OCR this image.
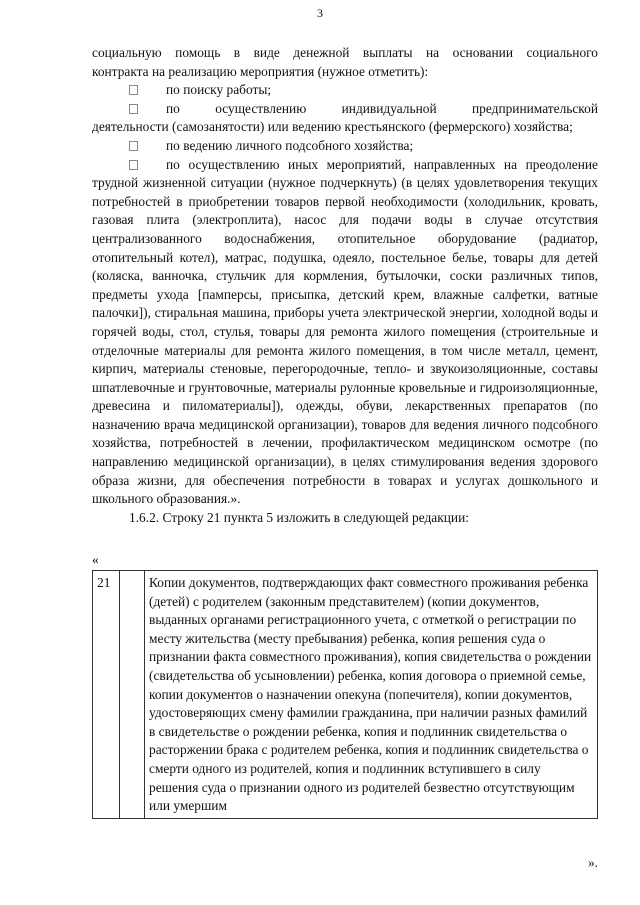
3

социальную помощь в виде денежной выплаты на основании социального

контракта на реализацию мероприятия (нужное отметить):

по поиску работы;

по осуществлению индивидуальной предпринимательской

деятельности (самозанятости) или ведению крестьянского (фермерского) хозяйства;

по ведению личного подсобного хозяйства;

по осуществлению иных мероприятий, направленных на преодоление трудной жизненной ситуации (нужное подчеркнуть) (в целях удовлетворения текущих потребностей в приобретении товаров первой необходимости (холодильник, кровать, газовая плита (электроплита), насос для подачи воды в случае отсутствия централизованного водоснабжения, отопительное оборудование (радиатор, отопительный котел), матрас, подушка, одеяло, постельное белье, товары для детей (коляска, ванночка, стульчик для кормления, бутылочки, соски различных типов, предметы ухода [памперсы, присыпка, детский крем, влажные салфетки, ватные палочки]), стиральная машина, приборы учета электрической энергии, холодной воды и горячей воды, стол, стулья, товары для ремонта жилого помещения (строительные и отделочные материалы для ремонта жилого помещения, в том числе металл, цемент, кирпич, материалы стеновые, перегородочные, тепло- и звукоизоляционные, составы шпатлевочные и грунтовочные, материалы рулонные кровельные и гидроизоляционные, древесина и пиломатериалы]), одежды, обуви, лекарственных препаратов (по назначению врача медицинской организации), товаров для ведения личного подсобного хозяйства, потребностей в лечении, профилактическом медицинском осмотре (по направлению медицинской организации), в целях стимулирования ведения здорового образа жизни, для обеспечения потребности в товарах и услугах дошкольного и школьного образования.».

1.6.2. Строку 21 пункта 5 изложить в следующей редакции:

«
21		Копии документов, подтверждающих факт совместного проживания ребенка (детей) с родителем (законным представителем) (копии документов, выданных органами регистрационного учета, с отметкой о регистрации по месту жительства (месту пребывания) ребенка, копия решения суда о признании факта совместного проживания), копия свидетельства о рождении (свидетельства об усыновлении) ребенка, копия договора о приемной семье, копии документов о назначении опекуна (попечителя), копии документов, удостоверяющих смену фамилии гражданина, при наличии разных фамилий в свидетельстве о рождении ребенка, копия и подлинник свидетельства о расторжении брака с родителем ребенка, копия и подлинник свидетельства о смерти одного из родителей, копия и подлинник вступившего в силу решения суда о признании одного из родителей безвестно отсутствующим или умершим
».
